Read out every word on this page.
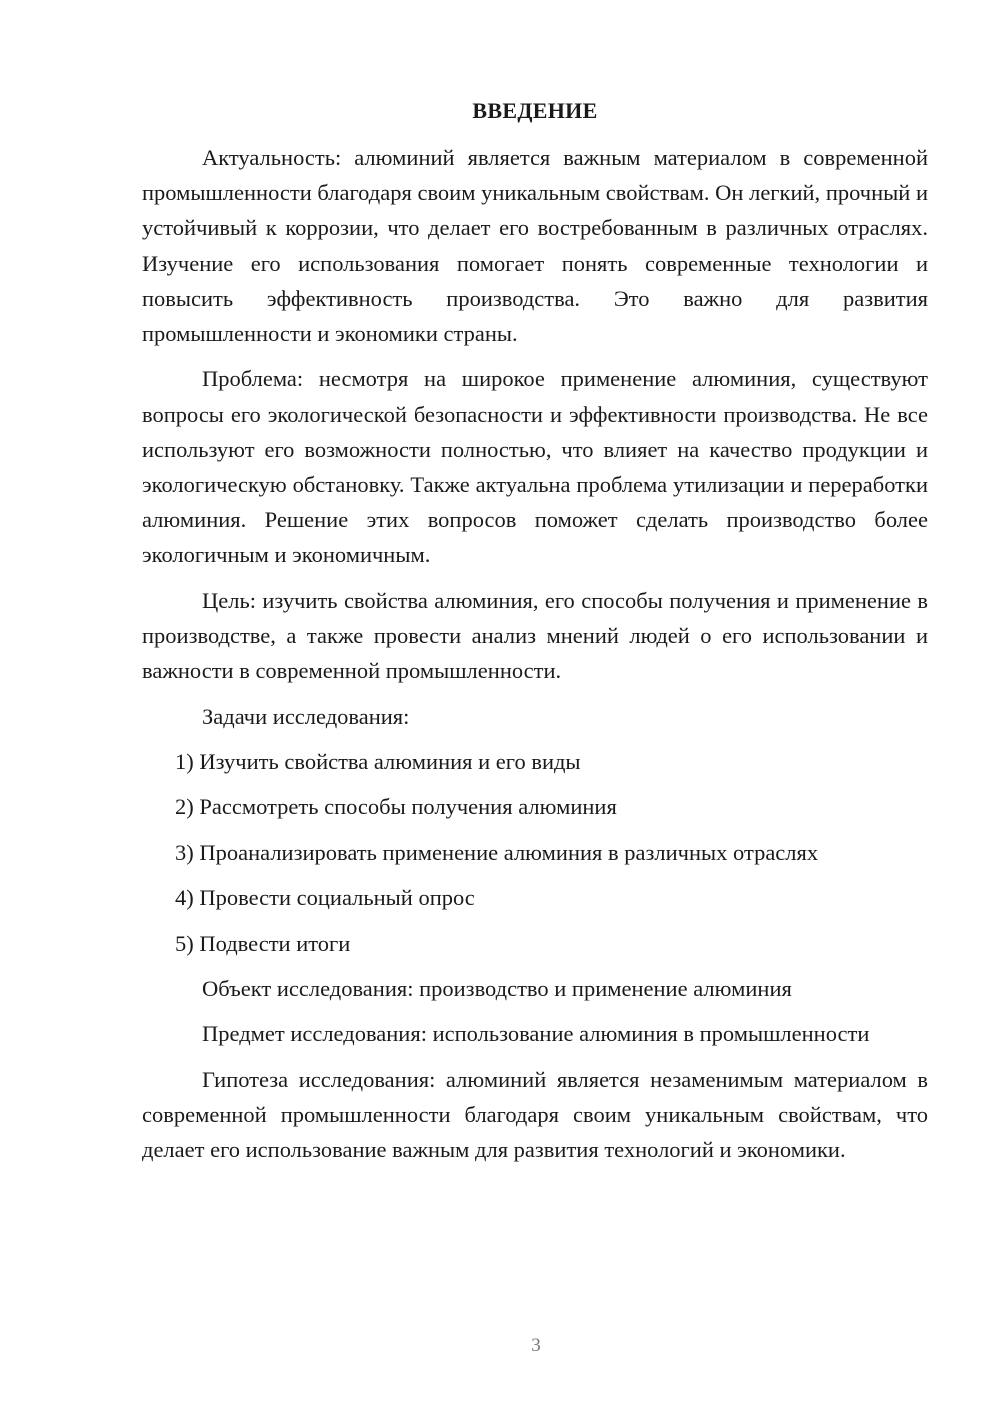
ВВЕДЕНИЕ

Актуальность: алюминий является важным материалом в современной промышленности благодаря своим уникальным свойствам. Он легкий, прочный и устойчивый к коррозии, что делает его востребованным в различных отраслях. Изучение его использования помогает понять современные технологии и повысить эффективность производства. Это важно для развития промышленности и экономики страны.

Проблема: несмотря на широкое применение алюминия, существуют вопросы его экологической безопасности и эффективности производства. Не все используют его возможности полностью, что влияет на качество продукции и экологическую обстановку. Также актуальна проблема утилизации и переработки алюминия. Решение этих вопросов поможет сделать производство более экологичным и экономичным.

Цель: изучить свойства алюминия, его способы получения и применение в производстве, а также провести анализ мнений людей о его использовании и важности в современной промышленности.

Задачи исследования:

1) Изучить свойства алюминия и его виды
2) Рассмотреть способы получения алюминия
3) Проанализировать применение алюминия в различных отраслях
4) Провести социальный опрос
5) Подвести итоги

Объект исследования: производство и применение алюминия

Предмет исследования: использование алюминия в промышленности

Гипотеза исследования: алюминий является незаменимым материалом в современной промышленности благодаря своим уникальным свойствам, что делает его использование важным для развития технологий и экономики.

3
